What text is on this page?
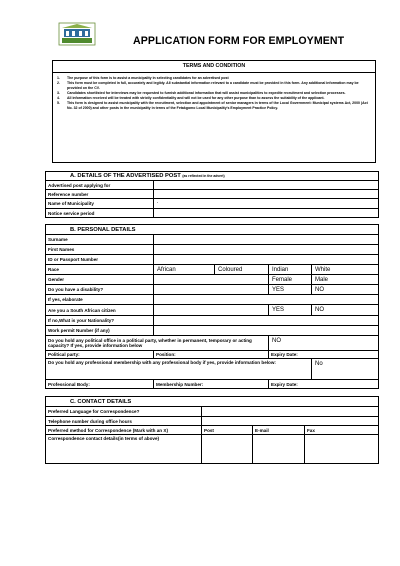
APPLICATION FORM FOR EMPLOYMENT
TERMS AND CONDITION
1.	The purpose of this form is to assist a municipality in selecting candidates for an advertised post
2.	This form must be completed in full, accurately and legibly. All substantial information relevant to a candidate must be provided in this form. Any additional information may be provided on the CV.
3.	Candidates shortlisted for interviews may be requested to furnish additional information that will assist municipalities to expedite recruitment and selection processes.
4.	All information received will be treated with strictly confidentiality and will not be used for any other purpose than to assess the suitability of the applicant.
5.	This form is designed to assist municipality with the recruitment, selection and appointment of senior managers in terms of the Local Government: Municipal systems Act, 2000 (Act No. 32 of 2000) and other posts in the municipality in terms of the Fetakgomo Local Municipality's Employment Practice Policy.
A. DETAILS OF THE ADVERTISED POST (as reflected in the advert)	
Advertised post applying for	
Reference number	
Name of Municipality	'
Notice service period	
B. PERSONAL DETAILS				
Surname				
First Names				
ID or Passport Number				
Race	African	Coloured	Indian	White
Gender			Female	Male
Do you have a disability?			YES	NO
If yes, elaborate				
Are you a South African citizen			YES	NO
If no,What is your Nationality?				
Work permit Number (if any)				
Do you hold any political office in a political party, whether in permanent, temporary or acting capacity? If yes, provide information below			NO	
Political party:	Position:		Expiry Date:	
Do you hold any professional membership with any professional body if yes, provide information below:				No
Professional Body:	Membership Number:		Expiry Date:	
C. CONTACT DETAILS			
Preferred Language for Correspondence?			
Telephone number during office hours			
Preferred method for Correspondence (Mark with an X)	Post	E-mail	Fax
Correspondence contact details(in terms of above)			
